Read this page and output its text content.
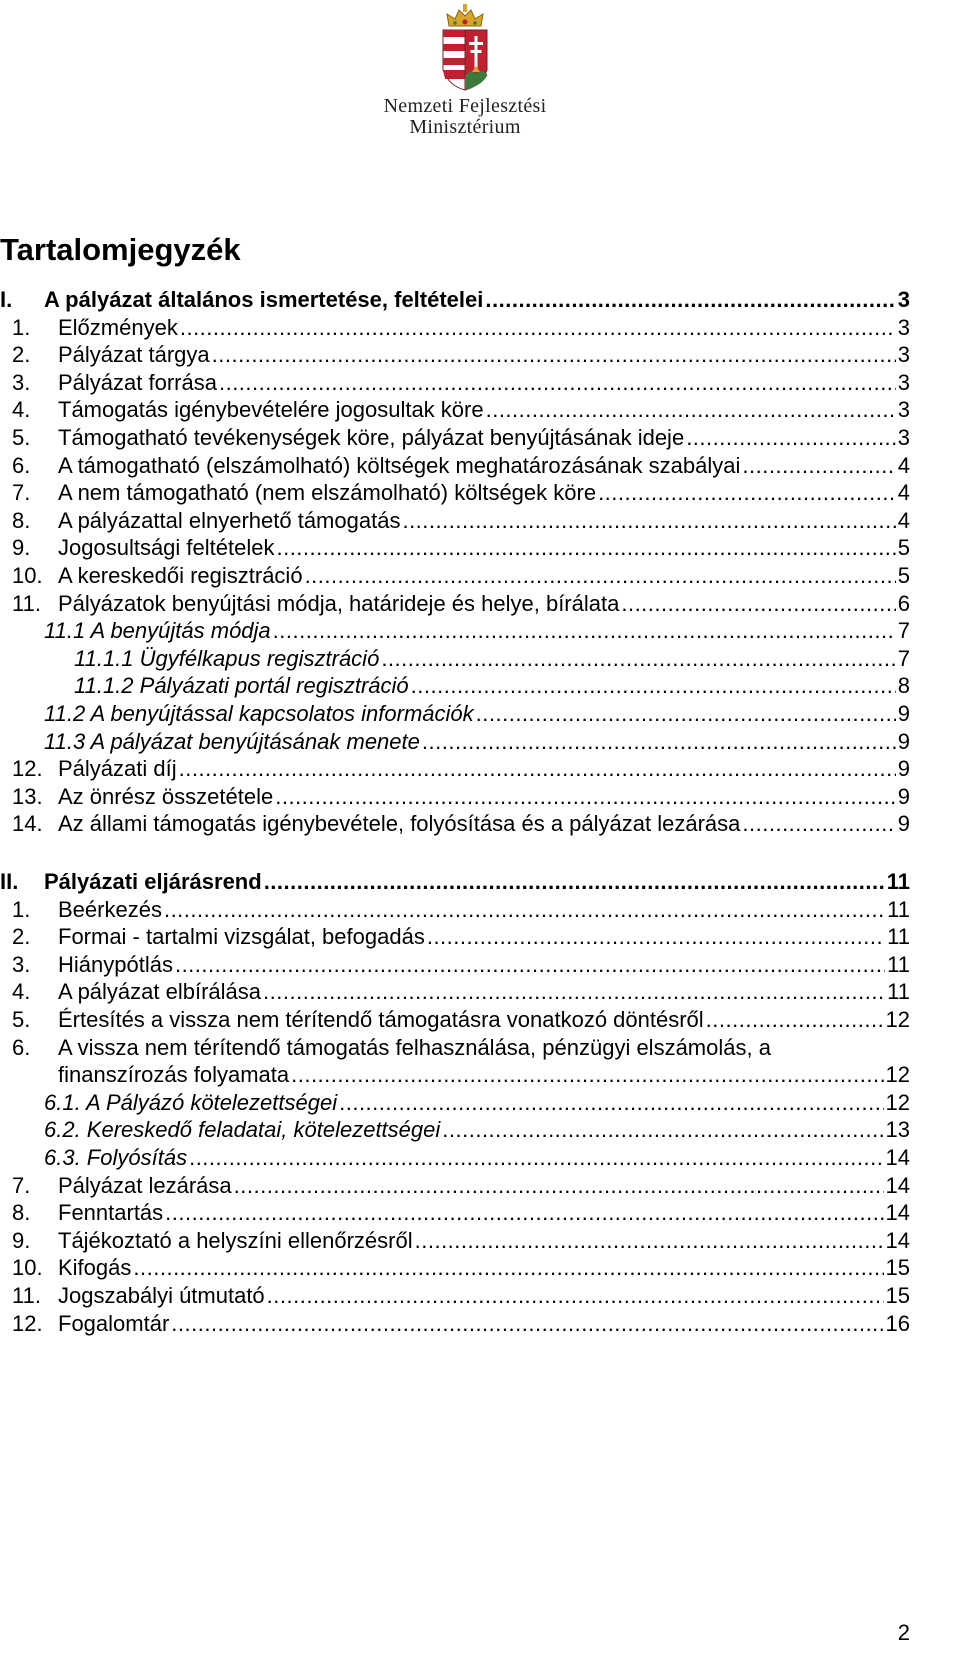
Nemzeti Fejlesztési
Minisztérium
Tartalomjegyzék
I.	A pályázat általános ismertetése, feltételei .....	3
1.	Előzmények .....	3
2.	Pályázat tárgya .....	3
3.	Pályázat forrása .....	3
4.	Támogatás igénybevételére jogosultak köre .....	3
5.	Támogatható tevékenységek köre, pályázat benyújtásának ideje .....	3
6.	A támogatható (elszámolható) költségek meghatározásának szabályai .....	4
7.	A nem támogatható (nem elszámolható) költségek köre .....	4
8.	A pályázattal elnyerhető támogatás .....	4
9.	Jogosultsági feltételek .....	5
10. A kereskedői regisztráció .....	5
11. Pályázatok benyújtási módja, határideje és helye, bírálata .....	6
11.1 A benyújtás módja .....	7
11.1.1 Ügyfélkapus regisztráció .....	7
11.1.2 Pályázati portál regisztráció .....	8
11.2 A benyújtással kapcsolatos információk .....	9
11.3 A pályázat benyújtásának menete .....	9
12. Pályázati díj .....	9
13. Az önrész összetétele .....	9
14. Az állami támogatás igénybevétele, folyósítása és a pályázat lezárása .....	9
II.	Pályázati eljárásrend .....	11
1.	Beérkezés .....	11
2.	Formai - tartalmi vizsgálat, befogadás .....	11
3.	Hiánypótlás .....	11
4.	A pályázat elbírálása .....	11
5.	Értesítés a vissza nem térítendő támogatásra vonatkozó döntésről .....	12
6. A vissza nem térítendő támogatás felhasználása, pénzügyi elszámolás, a
finanszírozás folyamata .....	12
6.1. A Pályázó kötelezettségei .....	12
6.2. Kereskedő feladatai, kötelezettségei .....	13
6.3. Folyósítás .....	14
7.	Pályázat lezárása .....	14
8.	Fenntartás .....	14
9.	Tájékoztató a helyszíni ellenőrzésről .....	14
10. Kifogás .....	15
11. Jogszabályi útmutató .....	15
12. Fogalomtár .....	16
2
